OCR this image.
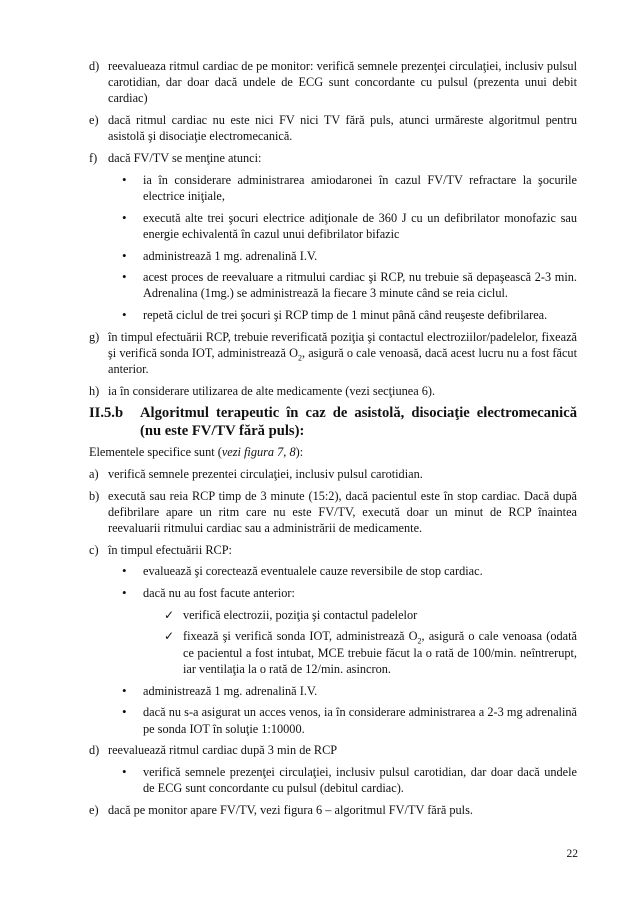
d) reevalueaza ritmul cardiac de pe monitor: verifică semnele prezenţei circulaţiei, inclusiv pulsul carotidian, dar doar dacă undele de ECG sunt concordante cu pulsul (prezenta unui debit cardiac)
e) dacă ritmul cardiac nu este nici FV nici TV fără puls, atunci urmăreste algoritmul pentru asistolă şi disociaţie electromecanică.
f) dacă FV/TV se menţine atunci:
•	ia în considerare administrarea amiodaronei în cazul FV/TV refractare la şocurile electrice iniţiale,
•	execută alte trei şocuri electrice adiţionale de 360 J cu un defibrilator monofazic sau energie echivalentă în cazul unui defibrilator bifazic
•	administrează 1 mg. adrenalină I.V.
•	acest proces de reevaluare a ritmului cardiac şi RCP, nu trebuie să depaşească 2-3 min. Adrenalina (1mg.) se administrează la fiecare 3 minute când se reia ciclul.
•	repetă ciclul de trei şocuri şi RCP timp de 1 minut până când reuşeste defibrilarea.
g) în timpul efectuării RCP, trebuie reverificată poziţia şi contactul electroziilor/padelelor, fixează şi verifică sonda IOT, administrează $O_2$, asigură o cale venoasă, dacă acest lucru nu a fost făcut anterior.
h) ia în considerare utilizarea de alte medicamente (vezi secţiunea 6).
II.5.b	Algoritmul terapeutic în caz de asistolă, disociaţie electromecanică (nu este FV/TV fără puls):
Elementele specifice sunt (vezi figura 7, 8):
a) verifică semnele prezentei circulaţiei, inclusiv pulsul carotidian.
b) execută sau reia RCP timp de 3 minute (15:2), dacă pacientul este în stop cardiac. Dacă după defibrilare apare un ritm care nu este FV/TV, execută doar un minut de RCP înaintea reevaluarii ritmului cardiac sau a administrării de medicamente.
c) în timpul efectuării RCP:
•	evaluează şi corectează eventualele cauze reversibile de stop cardiac.
•	dacă nu au fost facute anterior:
✓ verifică electrozii, poziţia şi contactul padelelor
✓ fixează şi verifică sonda IOT, administrează $O_2$, asigură o cale venoasa (odată ce pacientul a fost intubat, MCE trebuie făcut la o rată de 100/min. neîntrerupt, iar ventilaţia la o rată de 12/min. asincron.
•	administrează 1 mg. adrenalină I.V.
•	dacă nu s-a asigurat un acces venos, ia în considerare administrarea a 2-3 mg adrenalină pe sonda IOT în soluţie 1:10000.
d) reevaluează ritmul cardiac după 3 min de RCP
•	verifică semnele prezenţei circulaţiei, inclusiv pulsul carotidian, dar doar dacă undele de ECG sunt concordante cu pulsul (debitul cardiac).
e) dacă pe monitor apare FV/TV, vezi figura 6 – algoritmul FV/TV fără puls.
22
